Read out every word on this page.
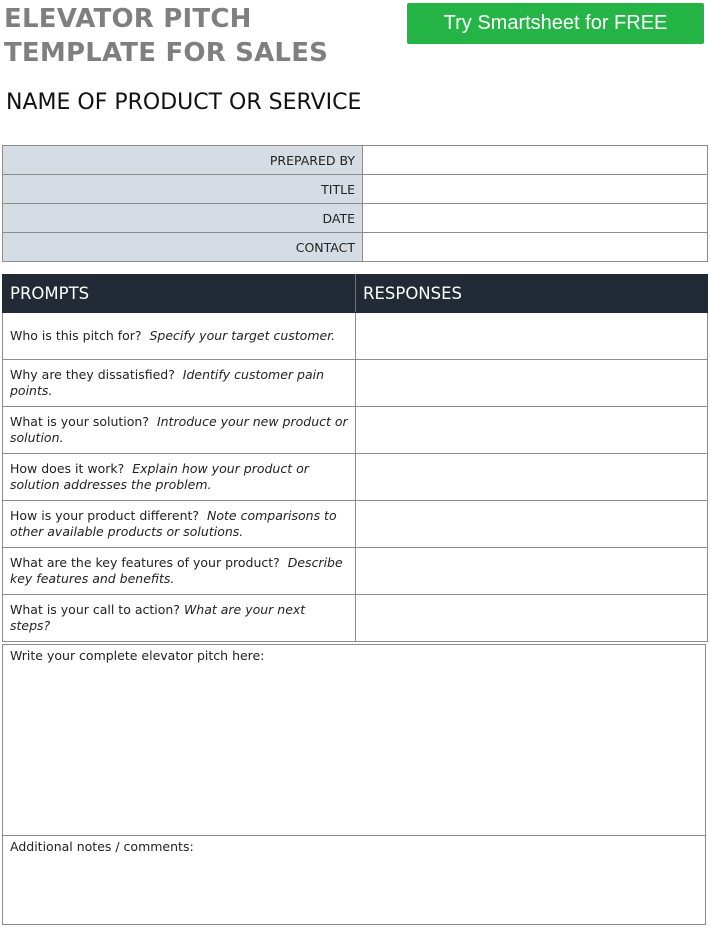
ELEVATOR PITCH TEMPLATE FOR SALES
Try Smartsheet for FREE
NAME OF PRODUCT OR SERVICE
PREPARED BY	
TITLE	
DATE	
CONTACT	
PROMPTS	RESPONSES
Who is this pitch for? Specify your target customer.	
Why are they dissatisfied? Identify customer pain points.	
What is your solution? Introduce your new product or solution.	
How does it work? Explain how your product or solution addresses the problem.	
How is your product different? Note comparisons to other available products or solutions.	
What are the key features of your product? Describe key features and benefits.	
What is your call to action? What are your next steps?	
Write your complete elevator pitch here:
Additional notes / comments:
